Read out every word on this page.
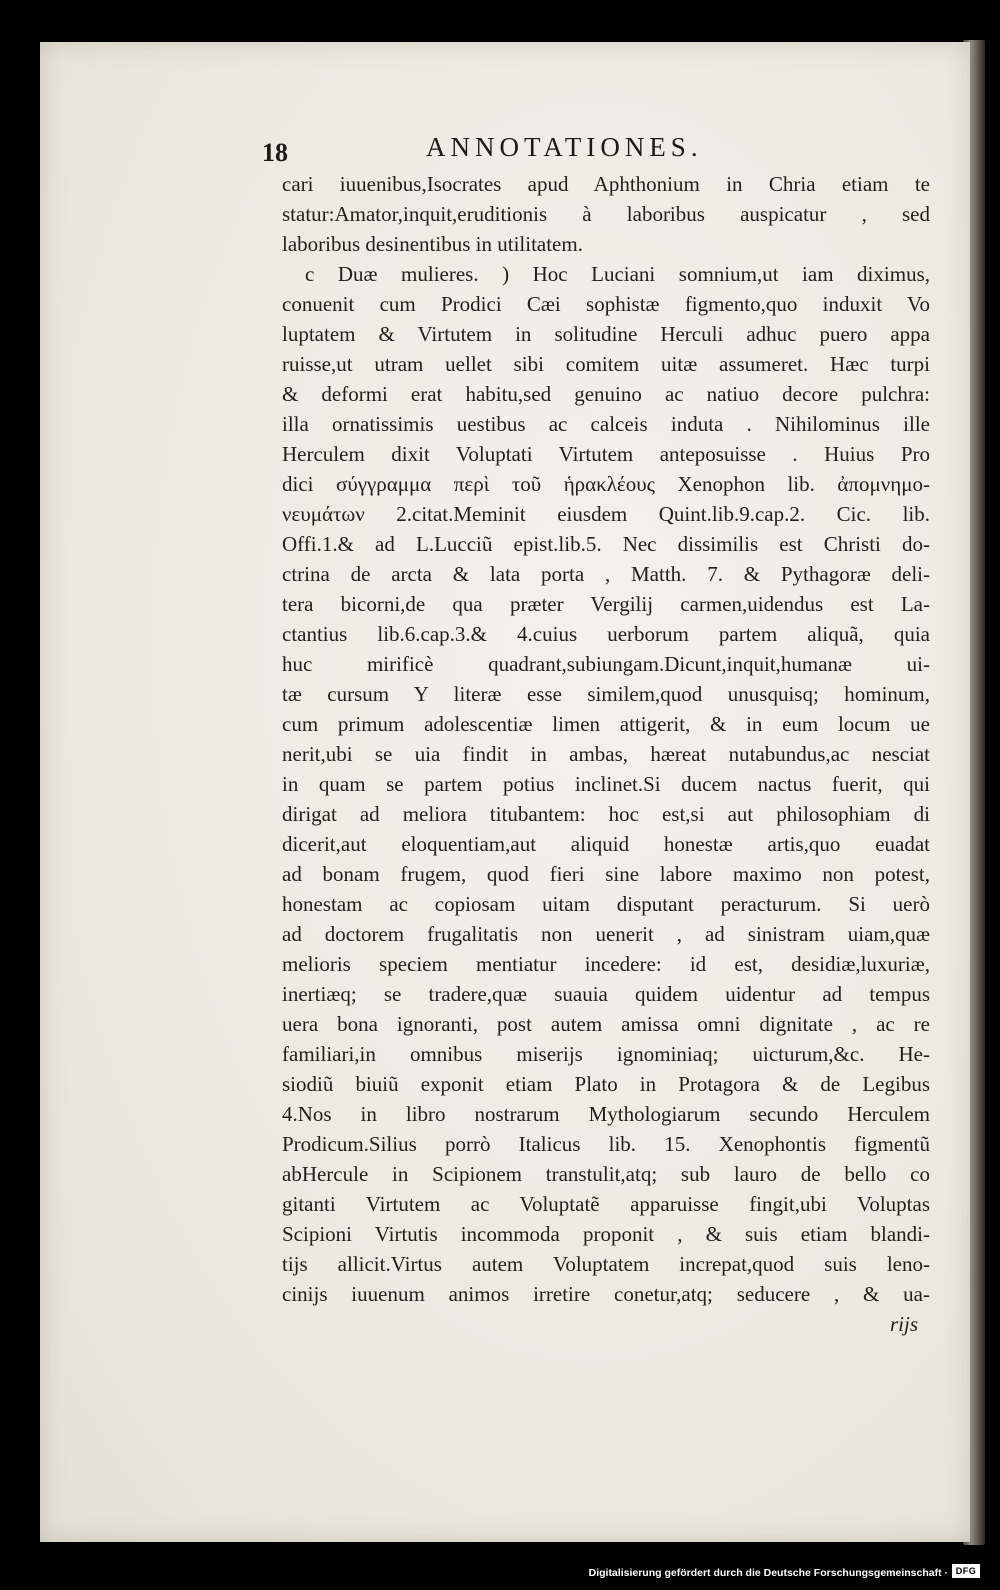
18	ANNOTATIONES.
cari iuuenibus,Isocrates apud Aphthonium in Chria etiam te
statur:Amator,inquit,eruditionis à laboribus auspicatur , sed
laboribus desinentibus in utilitatem.
c Duæ mulieres. ) Hoc Luciani somnium,ut iam diximus,
conuenit cum Prodici Cæi sophistæ figmento,quo induxit Vo
luptatem & Virtutem in solitudine Herculi adhuc puero appa
ruisse,ut utram uellet sibi comitem uitæ assumeret. Hæc turpi
& deformi erat habitu,sed genuino ac natiuo decore pulchra:
illa ornatissimis uestibus ac calceis induta . Nihilominus ille
Herculem dixit Voluptati Virtutem anteposuisse . Huius Pro
dici σύγγραμμα περὶ τοῦ ἡρακλέους Xenophon lib. ἀπομνημο-
νευμάτων 2.citat.Meminit eiusdem Quint.lib.9.cap.2. Cic. lib.
Offi.1.& ad L.Lucciũ epist.lib.5. Nec dissimilis est Christi do-
ctrina de arcta & lata porta , Matth. 7. & Pythagoræ deli-
tera bicorni,de qua præter Vergilij carmen,uidendus est La-
ctantius lib.6.cap.3.& 4.cuius uerborum partem aliquã, quia
huc mirificè quadrant,subiungam.Dicunt,inquit,humanæ ui-
tæ cursum Y literæ esse similem,quod unusquisq; hominum,
cum primum adolescentiæ limen attigerit, & in eum locum ue
nerit,ubi se uia findit in ambas, hæreat nutabundus,ac nesciat
in quam se partem potius inclinet.Si ducem nactus fuerit, qui
dirigat ad meliora titubantem: hoc est,si aut philosophiam di
dicerit,aut eloquentiam,aut aliquid honestæ artis,quo euadat
ad bonam frugem, quod fieri sine labore maximo non potest,
honestam ac copiosam uitam disputant peracturum. Si uerò
ad doctorem frugalitatis non uenerit , ad sinistram uiam,quæ
melioris speciem mentiatur incedere: id est, desidiæ,luxuriæ,
inertiæq; se tradere,quæ suauia quidem uidentur ad tempus
uera bona ignoranti, post autem amissa omni dignitate , ac re
familiari,in omnibus miserijs ignominiaq; uicturum,&c. He-
siodiũ biuiũ exponit etiam Plato in Protagora & de Legibus
4.Nos in libro nostrarum Mythologiarum secundo Herculem
Prodicum.Silius porrò Italicus lib. 15. Xenophontis figmentũ
abHercule in Scipionem transtulit,atq; sub lauro de bello co
gitanti Virtutem ac Voluptatẽ apparuisse fingit,ubi Voluptas
Scipioni Virtutis incommoda proponit , & suis etiam blandi-
tijs allicit.Virtus autem Voluptatem increpat,quod suis leno-
cinijs iuuenum animos irretire conetur,atq; seducere , & ua-
rijs
Digitalisierung gefördert durch die Deutsche Forschungsgemeinschaft · DFG
